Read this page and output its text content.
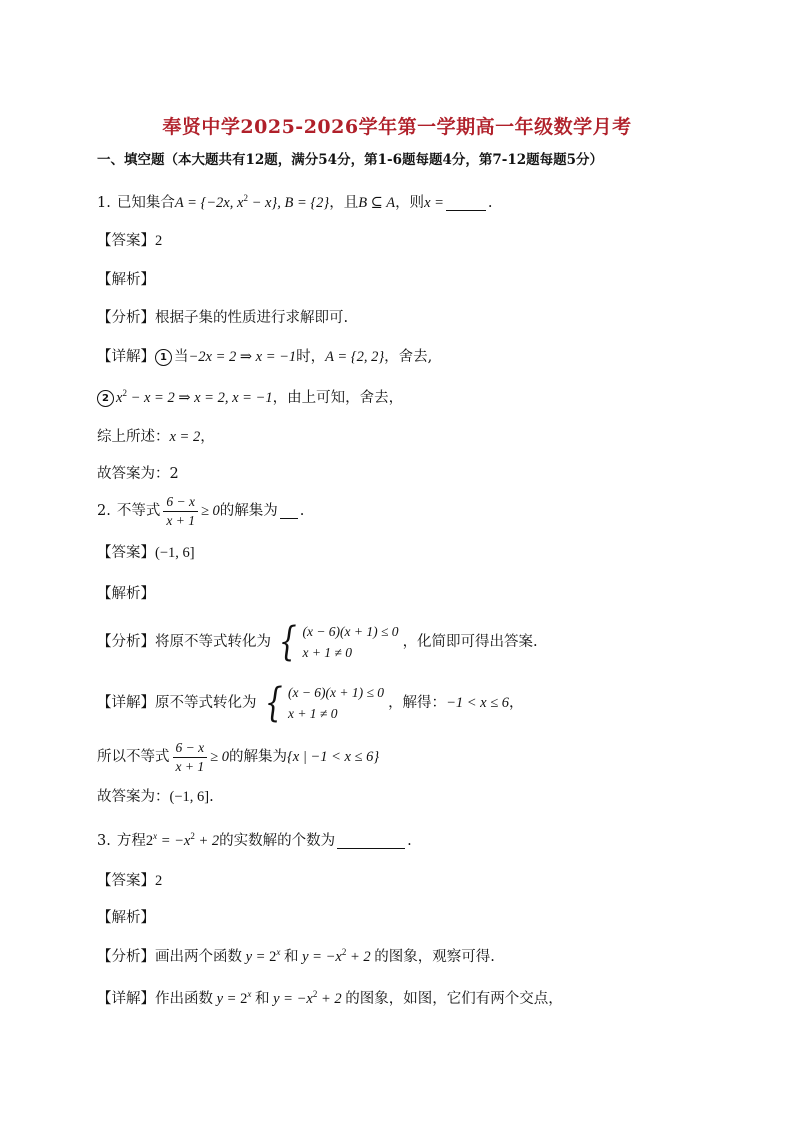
奉贤中学2025-2026学年第一学期高一年级数学月考
一、填空题（本大题共有12题，满分54分，第1-6题每题4分，第7-12题每题5分）
1. 已知集合 A = {−2x, $x^2 - x$}, B = {2} ，且 B ⊆ A ，则 x =	.
【答案】 2
【解析】
【分析】 根据子集的性质进行求解即可.
【详解】 1 当 −2x = 2 ⇒ x = −1 时， A = {2, 2} ，舍去,
2 $x^2 - x = 2$ ⇒ x = 2, x = −1 ，由上可知，舍去，
综上所述： x = 2 ，
故答案为：2
2. 不等式 $\frac{6 - x}{x + 1} \ge 0$ 的解集为 .
【答案】 (−1, 6]
【解析】
【分析】 将原不等式转化为 { (x − 6)(x + 1) ≤ 0
x + 1 ≠ 0
，化简即可得出答案.
【详解】 原不等式转化为 { (x − 6)(x + 1) ≤ 0
x + 1 ≠ 0
，解得： −1 < x ≤ 6 ，
所以不等式 $\frac{6 - x}{x + 1} \ge 0$ 的解集为 {x | −1 < x ≤ 6}
故答案为： (−1, 6] .
3. 方程 $2^x = -x^2 + 2$ 的实数解的个数为	.
【答案】 2
【解析】
【分析】 画出两个函数 $y = 2^x$ 和 $y = -x^2 + 2$ 的图象，观察可得.
【详解】 作出函数 $y = 2^x$ 和 $y = -x^2 + 2$ 的图象，如图，它们有两个交点，
